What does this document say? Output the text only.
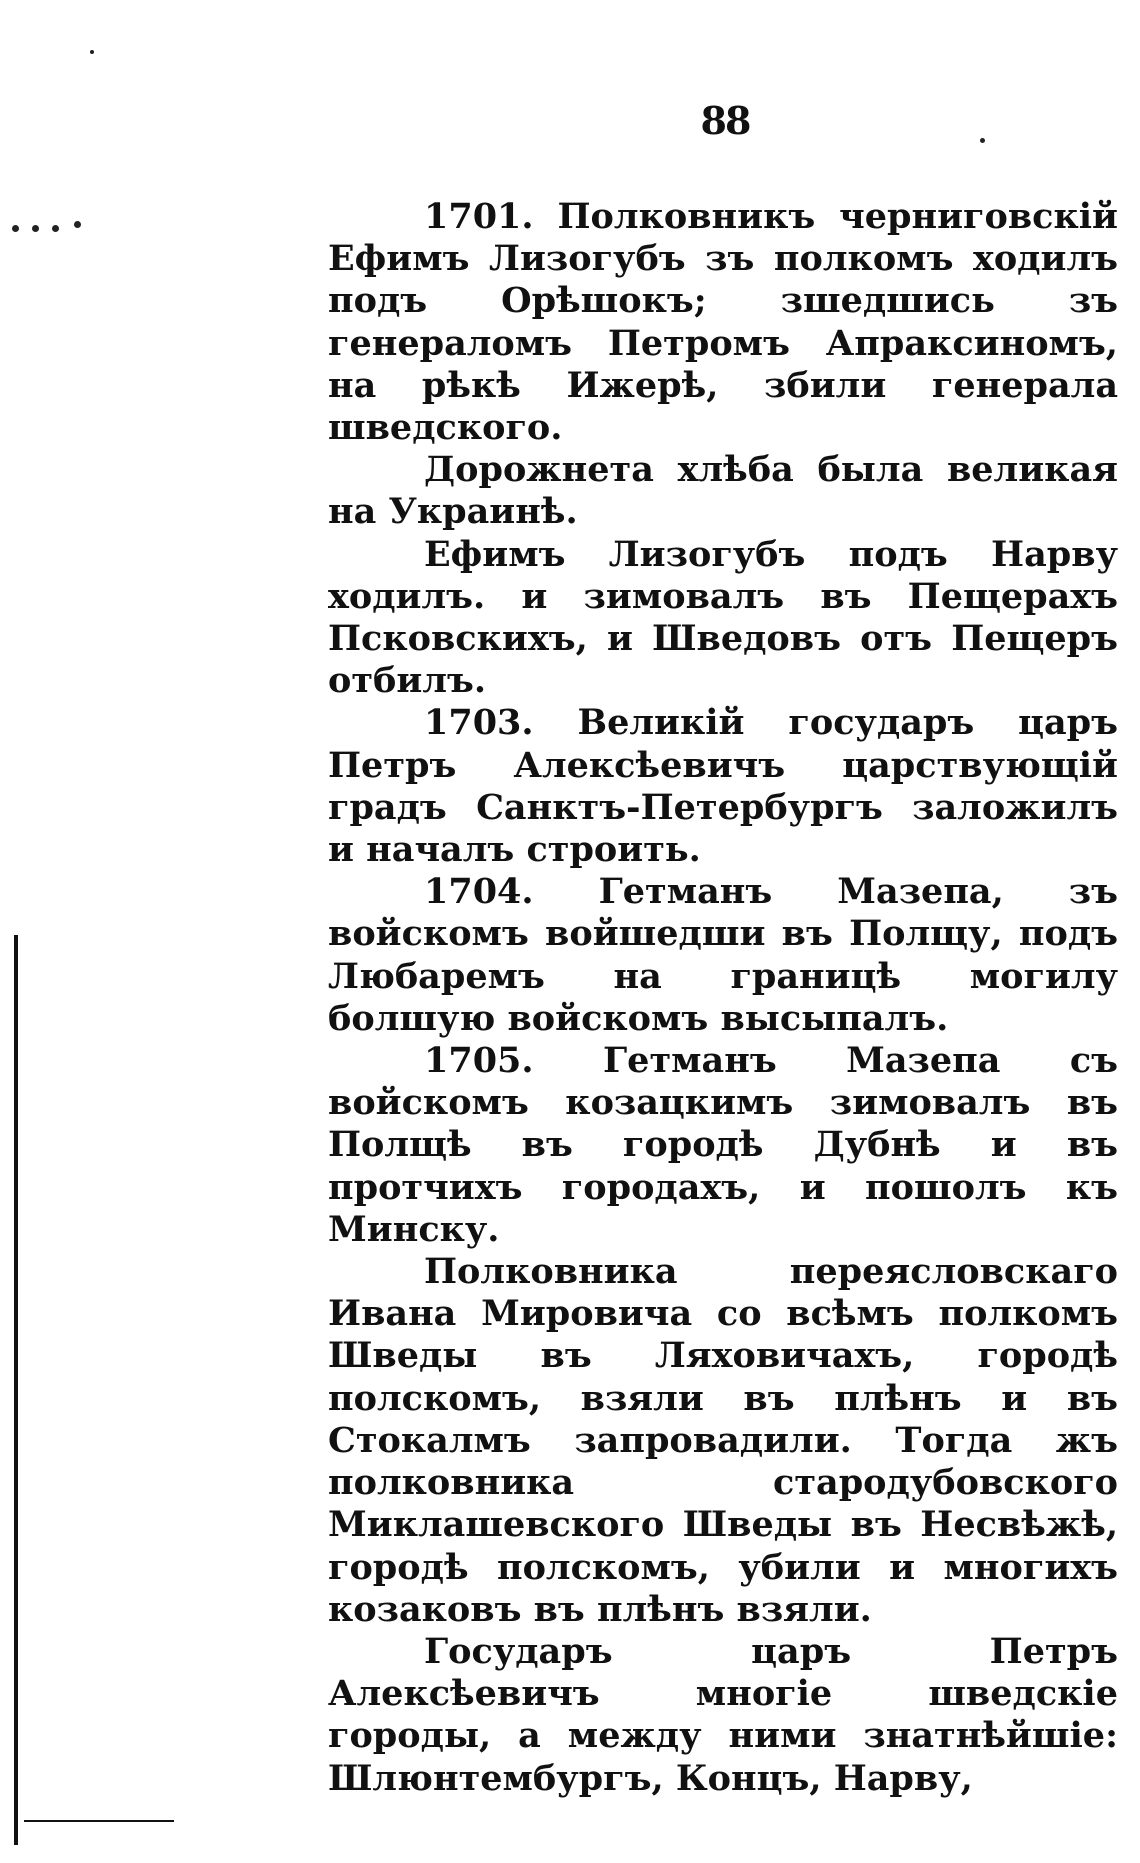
88

1701. Полковникъ черниговскій Ефимъ Лизогубъ зъ полкомъ ходилъ подъ Орѣшокъ; зшедшись зъ генераломъ Петромъ Апраксиномъ, на рѣкѣ Ижерѣ, збили генерала шведского.

Дорожнета хлѣба была великая на Украинѣ.

Ефимъ Лизогубъ подъ Нарву ходилъ. и зимовалъ въ Пещерахъ Псковскихъ, и Шведовъ отъ Пещеръ отбилъ.

1703. Великій государъ царъ Петръ Алексѣевичъ царствующій градъ Санктъ-Петербургъ заложилъ и началъ строить.

1704. Гетманъ Мазепа, зъ войскомъ войшедши въ Полщу, подъ Любаремъ на границѣ могилу болшую войскомъ высыпалъ.

1705. Гетманъ Мазепа съ войскомъ козацкимъ зимовалъ въ Полщѣ въ городѣ Дубнѣ и въ протчихъ городахъ, и пошолъ къ Минску.

Полковника переясловскаго Ивана Мировича со всѣмъ полкомъ Шведы въ Ляховичахъ, городѣ полскомъ, взяли въ плѣнъ и въ Стокалмъ запровадили. Тогда жъ полковника стародубовского Миклашевского Шведы въ Несвѣжѣ, городѣ полскомъ, убили и многихъ козаковъ въ плѣнъ взяли.

Государъ царъ Петръ Алексѣевичъ многіе шведскіе городы, а между ними знатнѣйшіе: Шлюнтембургъ, Концъ, Нарву,
